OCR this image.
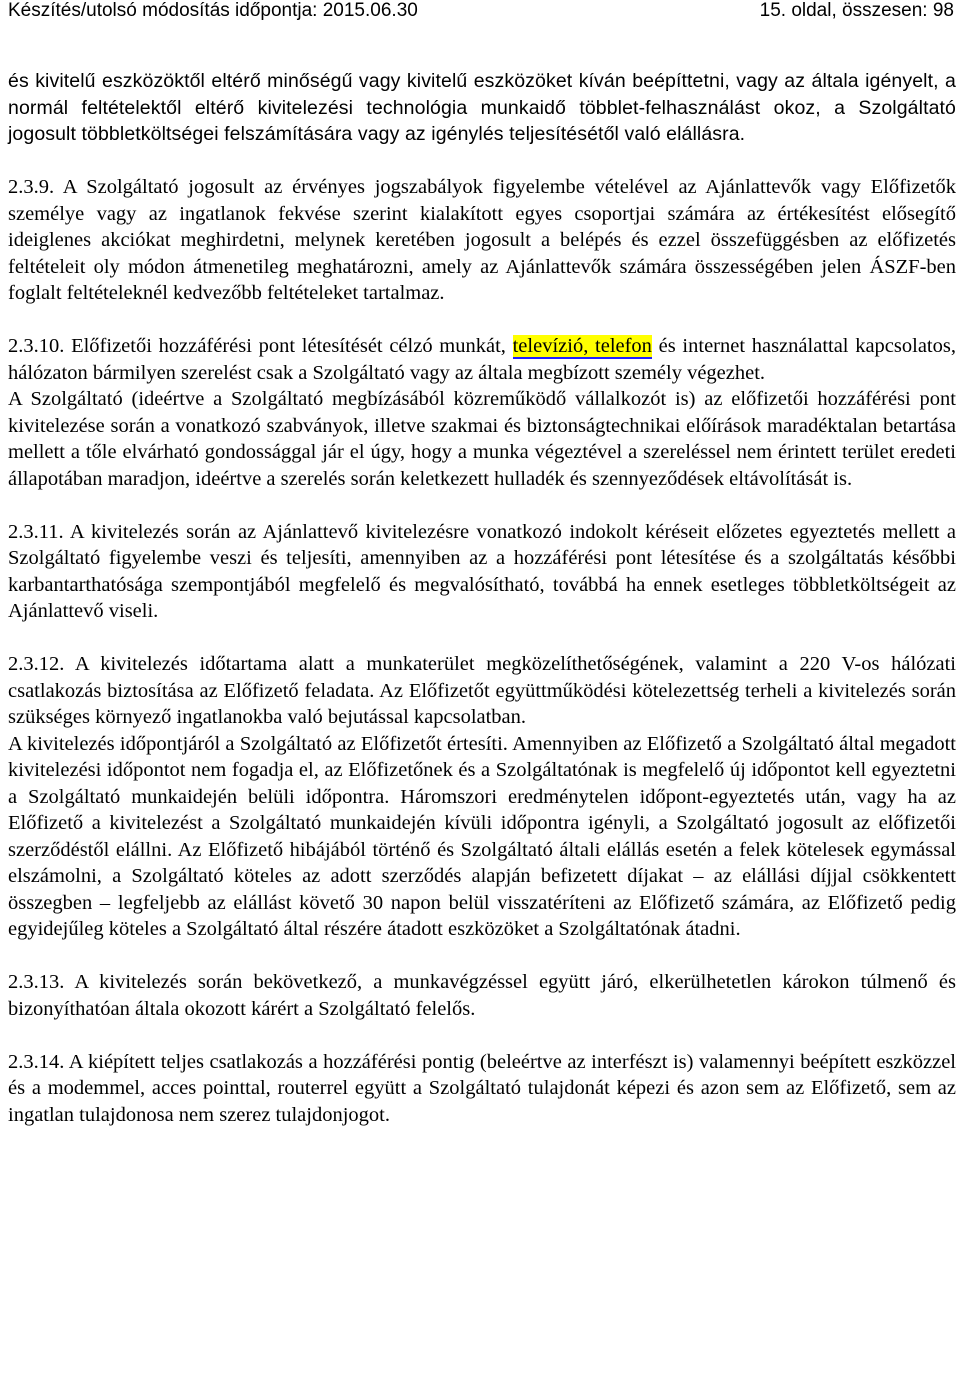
Készítés/utolsó módosítás időpontja: 2015.06.30	15. oldal, összesen: 98

és kivitelű eszközöktől eltérő minőségű vagy kivitelű eszközöket kíván beépíttetni, vagy az általa igényelt, a normál feltételektől eltérő kivitelezési technológia munkaidő többlet-felhasználást okoz, a Szolgáltató jogosult többletköltségei felszámítására vagy az igénylés teljesítésétől való elállásra.

2.3.9. A Szolgáltató jogosult az érvényes jogszabályok figyelembe vételével az Ajánlattevők vagy Előfizetők személye vagy az ingatlanok fekvése szerint kialakított egyes csoportjai számára az értékesítést elősegítő ideiglenes akciókat meghirdetni, melynek keretében jogosult a belépés és ezzel összefüggésben az előfizetés feltételeit oly módon átmenetileg meghatározni, amely az Ajánlattevők számára összességében jelen ÁSZF-ben foglalt feltételeknél kedvezőbb feltételeket tartalmaz.

2.3.10. Előfizetői hozzáférési pont létesítését célzó munkát, televízió, telefon és internet használattal kapcsolatos, hálózaton bármilyen szerelést csak a Szolgáltató vagy az általa megbízott személy végezhet.

A Szolgáltató (ideértve a Szolgáltató megbízásából közreműködő vállalkozót is) az előfizetői hozzáférési pont kivitelezése során a vonatkozó szabványok, illetve szakmai és biztonságtechnikai előírások maradéktalan betartása mellett a tőle elvárható gondossággal jár el úgy, hogy a munka végeztével a szereléssel nem érintett terület eredeti állapotában maradjon, ideértve a szerelés során keletkezett hulladék és szennyeződések eltávolítását is.

2.3.11. A kivitelezés során az Ajánlattevő kivitelezésre vonatkozó indokolt kéréseit előzetes egyeztetés mellett a Szolgáltató figyelembe veszi és teljesíti, amennyiben az a hozzáférési pont létesítése és a szolgáltatás későbbi karbantarthatósága szempontjából megfelelő és megvalósítható, továbbá ha ennek esetleges többletköltségeit az Ajánlattevő viseli.

2.3.12. A kivitelezés időtartama alatt a munkaterület megközelíthetőségének, valamint a 220 V-os hálózati csatlakozás biztosítása az Előfizető feladata. Az Előfizetőt együttműködési kötelezettség terheli a kivitelezés során szükséges környező ingatlanokba való bejutással kapcsolatban.

A kivitelezés időpontjáról a Szolgáltató az Előfizetőt értesíti. Amennyiben az Előfizető a Szolgáltató által megadott kivitelezési időpontot nem fogadja el, az Előfizetőnek és a Szolgáltatónak is megfelelő új időpontot kell egyeztetni a Szolgáltató munkaidején belüli időpontra. Háromszori eredménytelen időpont-egyeztetés után, vagy ha az Előfizető a kivitelezést a Szolgáltató munkaidején kívüli időpontra igényli, a Szolgáltató jogosult az előfizetői szerződéstől elállni. Az Előfizető hibájából történő és Szolgáltató általi elállás esetén a felek kötelesek egymással elszámolni, a Szolgáltató köteles az adott szerződés alapján befizetett díjakat – az elállási díjjal csökkentett összegben – legfeljebb az elállást követő 30 napon belül visszatéríteni az Előfizető számára, az Előfizető pedig egyidejűleg köteles a Szolgáltató által részére átadott eszközöket a Szolgáltatónak átadni.

2.3.13. A kivitelezés során bekövetkező, a munkavégzéssel együtt járó, elkerülhetetlen károkon túlmenő és bizonyíthatóan általa okozott kárért a Szolgáltató felelős.

2.3.14. A kiépített teljes csatlakozás a hozzáférési pontig (beleértve az interfészt is) valamennyi beépített eszközzel és a modemmel, acces pointtal, routerrel együtt a Szolgáltató tulajdonát képezi és azon sem az Előfizető, sem az ingatlan tulajdonosa nem szerez tulajdonjogot.
